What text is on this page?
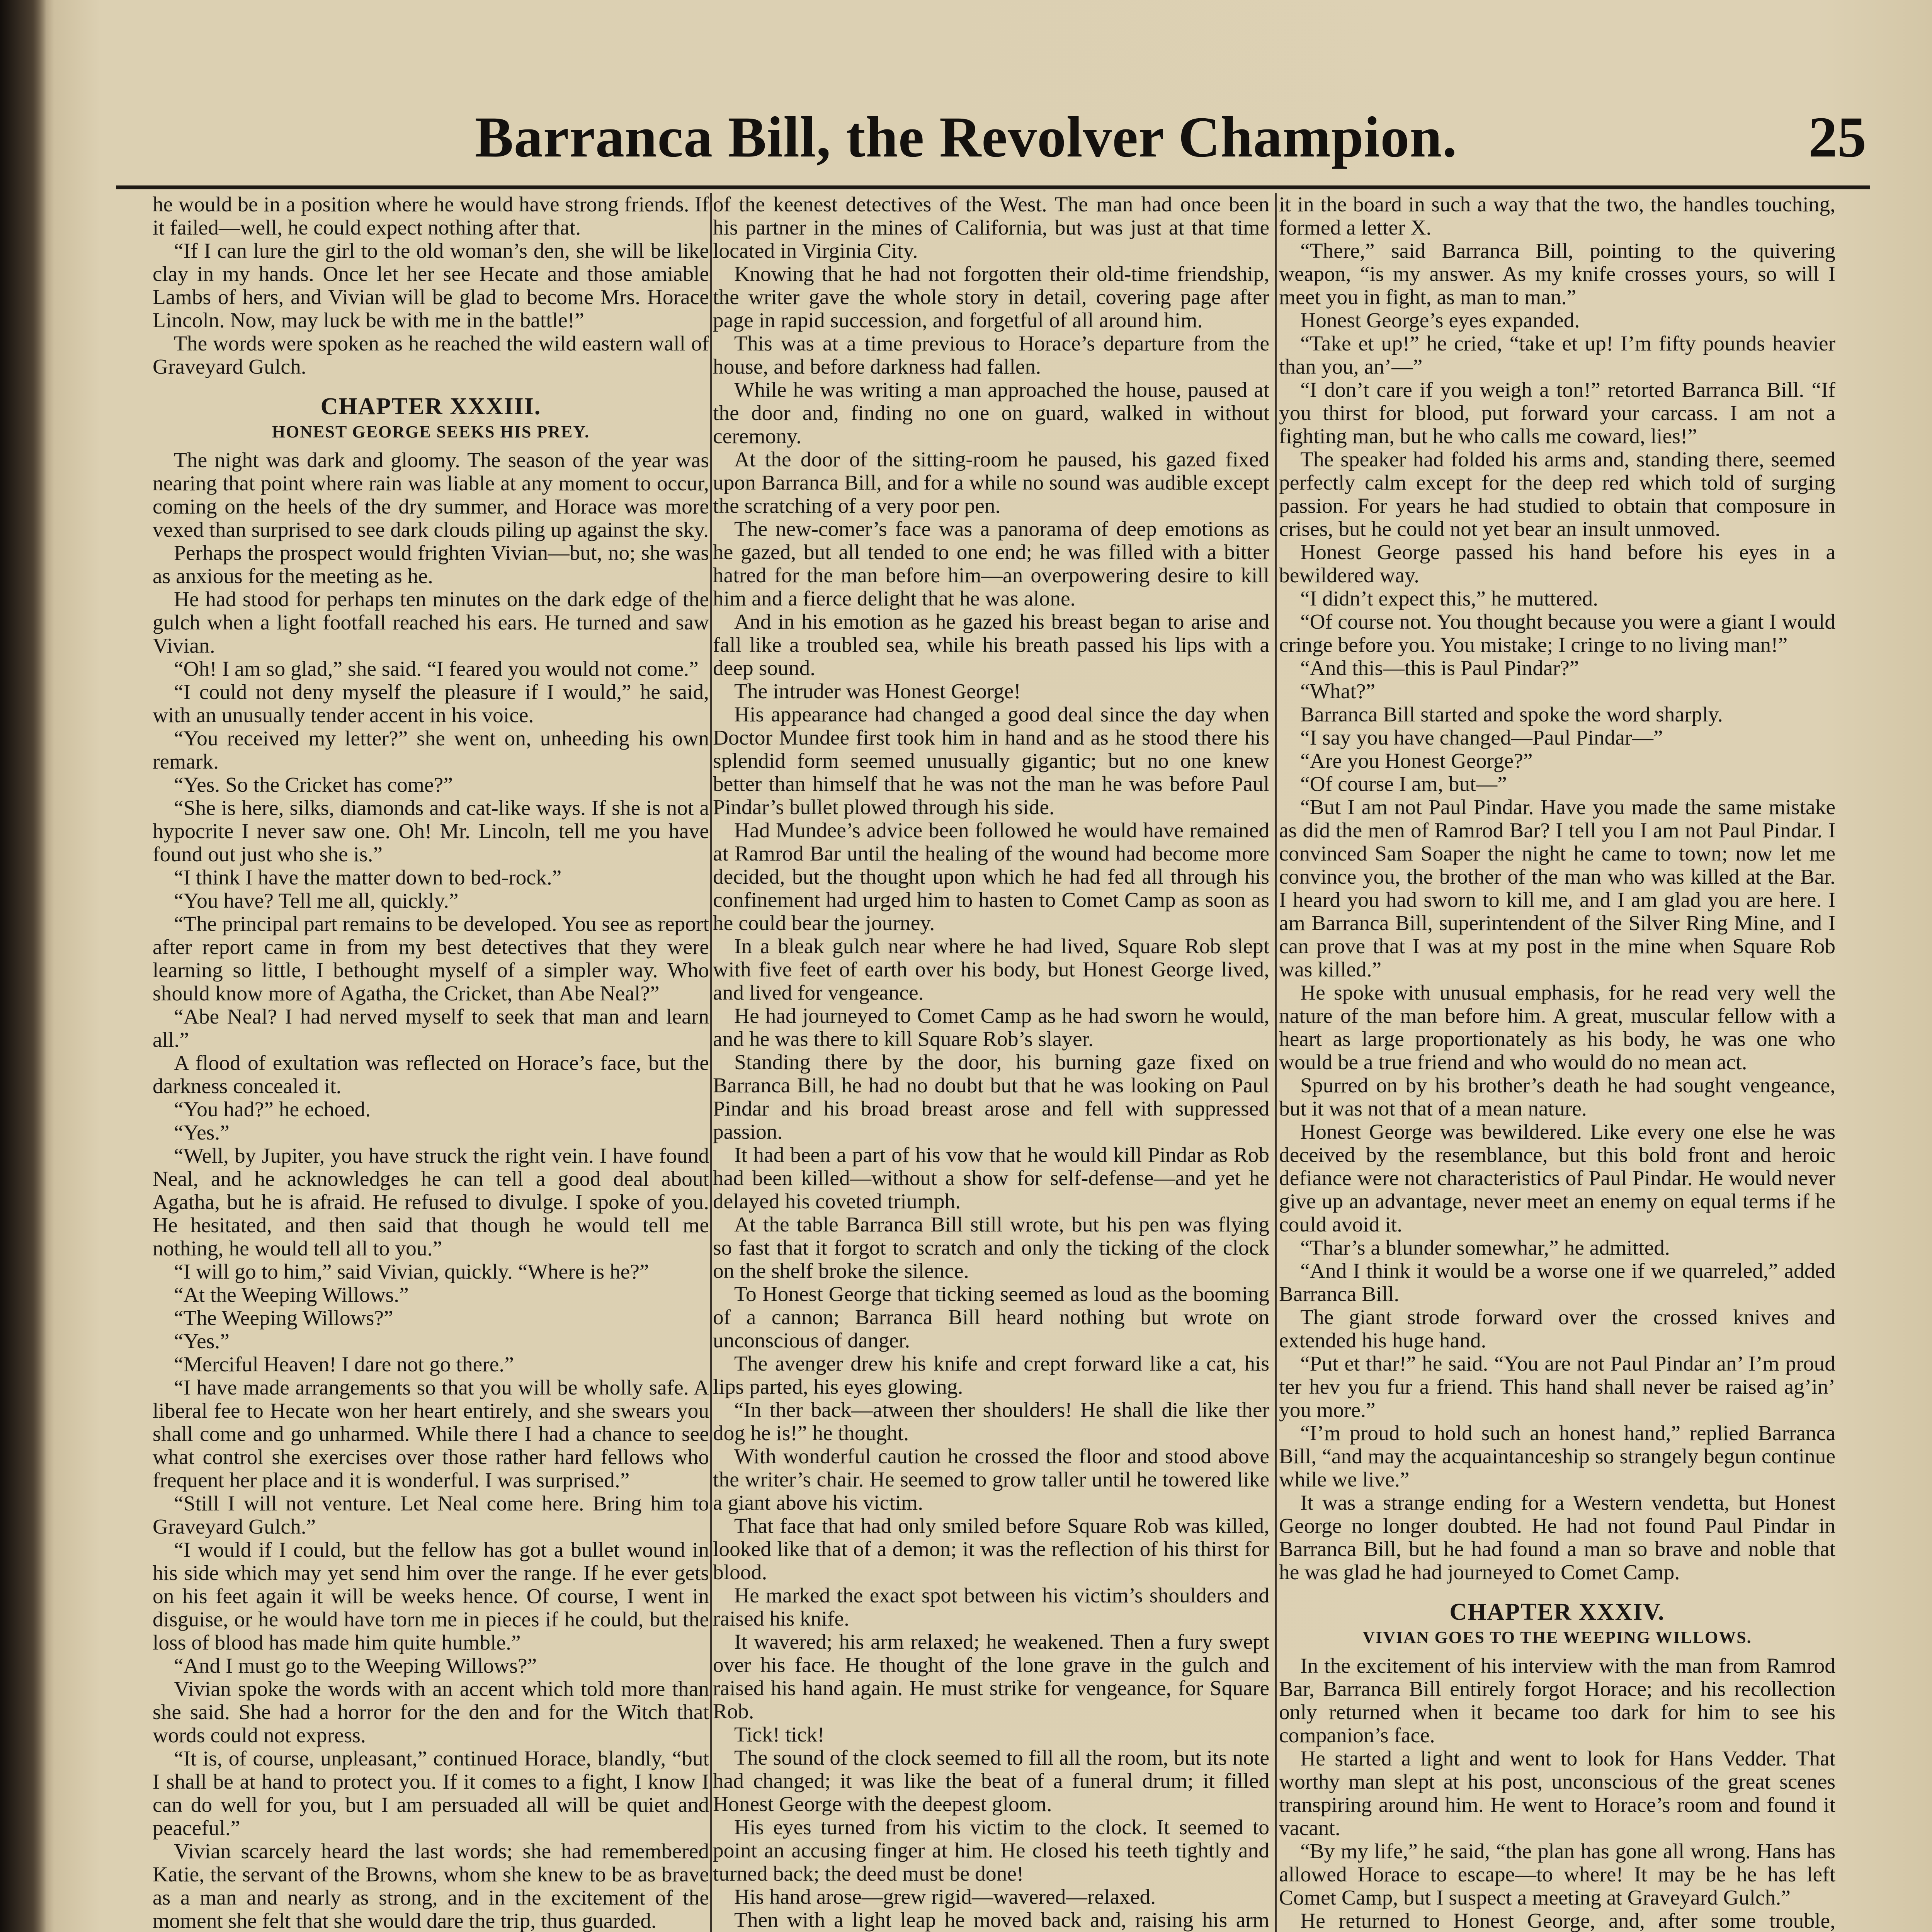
Barranca Bill, the Revolver Champion.	25

he would be in a position where he would have strong friends. If it failed—well, he could expect nothing after that.

“If I can lure the girl to the old woman’s den, she will be like clay in my hands. Once let her see Hecate and those amiable Lambs of hers, and Vivian will be glad to become Mrs. Horace Lincoln. Now, may luck be with me in the battle!”

The words were spoken as he reached the wild eastern wall of Graveyard Gulch.

CHAPTER XXXIII.
HONEST GEORGE SEEKS HIS PREY.

The night was dark and gloomy. The season of the year was nearing that point where rain was liable at any moment to occur, coming on the heels of the dry summer, and Horace was more vexed than surprised to see dark clouds piling up against the sky.

Perhaps the prospect would frighten Vivian—but, no; she was as anxious for the meeting as he.

He had stood for perhaps ten minutes on the dark edge of the gulch when a light footfall reached his ears. He turned and saw Vivian.

“Oh! I am so glad,” she said. “I feared you would not come.”

“I could not deny myself the pleasure if I would,” he said, with an unusually tender accent in his voice.

“You received my letter?” she went on, unheeding his own remark.

“Yes. So the Cricket has come?”

“She is here, silks, diamonds and cat-like ways. If she is not a hypocrite I never saw one. Oh! Mr. Lincoln, tell me you have found out just who she is.”

“I think I have the matter down to bed-rock.”

“You have? Tell me all, quickly.”

“The principal part remains to be developed. You see as report after report came in from my best detectives that they were learning so little, I bethought myself of a simpler way. Who should know more of Agatha, the Cricket, than Abe Neal?”

“Abe Neal? I had nerved myself to seek that man and learn all.”

A flood of exultation was reflected on Horace’s face, but the darkness concealed it.

“You had?” he echoed.

“Yes.”

“Well, by Jupiter, you have struck the right vein. I have found Neal, and he acknowledges he can tell a good deal about Agatha, but he is afraid. He refused to divulge. I spoke of you. He hesitated, and then said that though he would tell me nothing, he would tell all to you.”

“I will go to him,” said Vivian, quickly. “Where is he?”

“At the Weeping Willows.”

“The Weeping Willows?”

“Yes.”

“Merciful Heaven! I dare not go there.”

“I have made arrangements so that you will be wholly safe. A liberal fee to Hecate won her heart entirely, and she swears you shall come and go unharmed. While there I had a chance to see what control she exercises over those rather hard fellows who frequent her place and it is wonderful. I was surprised.”

“Still I will not venture. Let Neal come here. Bring him to Graveyard Gulch.”

“I would if I could, but the fellow has got a bullet wound in his side which may yet send him over the range. If he ever gets on his feet again it will be weeks hence. Of course, I went in disguise, or he would have torn me in pieces if he could, but the loss of blood has made him quite humble.”

“And I must go to the Weeping Willows?”

Vivian spoke the words with an accent which told more than she said. She had a horror for the den and for the Witch that words could not express.

“It is, of course, unpleasant,” continued Horace, blandly, “but I shall be at hand to protect you. If it comes to a fight, I know I can do well for you, but I am persuaded all will be quiet and peaceful.”

Vivian scarcely heard the last words; she had remembered Katie, the servant of the Browns, whom she knew to be as brave as a man and nearly as strong, and in the excitement of the moment she felt that she would dare the trip, thus guarded.

of the keenest detectives of the West. The man had once been his partner in the mines of California, but was just at that time located in Virginia City.

Knowing that he had not forgotten their old-time friendship, the writer gave the whole story in detail, covering page after page in rapid succession, and forgetful of all around him.

This was at a time previous to Horace’s departure from the house, and before darkness had fallen.

While he was writing a man approached the house, paused at the door and, finding no one on guard, walked in without ceremony.

At the door of the sitting-room he paused, his gazed fixed upon Barranca Bill, and for a while no sound was audible except the scratching of a very poor pen.

The new-comer’s face was a panorama of deep emotions as he gazed, but all tended to one end; he was filled with a bitter hatred for the man before him—an overpowering desire to kill him and a fierce delight that he was alone.

And in his emotion as he gazed his breast began to arise and fall like a troubled sea, while his breath passed his lips with a deep sound.

The intruder was Honest George!

His appearance had changed a good deal since the day when Doctor Mundee first took him in hand and as he stood there his splendid form seemed unusually gigantic; but no one knew better than himself that he was not the man he was before Paul Pindar’s bullet plowed through his side.

Had Mundee’s advice been followed he would have remained at Ramrod Bar until the healing of the wound had become more decided, but the thought upon which he had fed all through his confinement had urged him to hasten to Comet Camp as soon as he could bear the journey.

In a bleak gulch near where he had lived, Square Rob slept with five feet of earth over his body, but Honest George lived, and lived for vengeance.

He had journeyed to Comet Camp as he had sworn he would, and he was there to kill Square Rob’s slayer.

Standing there by the door, his burning gaze fixed on Barranca Bill, he had no doubt but that he was looking on Paul Pindar and his broad breast arose and fell with suppressed passion.

It had been a part of his vow that he would kill Pindar as Rob had been killed—without a show for self-defense—and yet he delayed his coveted triumph.

At the table Barranca Bill still wrote, but his pen was flying so fast that it forgot to scratch and only the ticking of the clock on the shelf broke the silence.

To Honest George that ticking seemed as loud as the booming of a cannon; Barranca Bill heard nothing but wrote on unconscious of danger.

The avenger drew his knife and crept forward like a cat, his lips parted, his eyes glowing.

“In ther back—atween ther shoulders! He shall die like ther dog he is!” he thought.

With wonderful caution he crossed the floor and stood above the writer’s chair. He seemed to grow taller until he towered like a giant above his victim.

That face that had only smiled before Square Rob was killed, looked like that of a demon; it was the reflection of his thirst for blood.

He marked the exact spot between his victim’s shoulders and raised his knife.

It wavered; his arm relaxed; he weakened. Then a fury swept over his face. He thought of the lone grave in the gulch and raised his hand again. He must strike for vengeance, for Square Rob.

Tick! tick!

The sound of the clock seemed to fill all the room, but its note had changed; it was like the beat of a funeral drum; it filled Honest George with the deepest gloom.

His eyes turned from his victim to the clock. It seemed to point an accusing finger at him. He closed his teeth tightly and turned back; the deed must be done!

His hand arose—grew rigid—wavered—relaxed.

Then with a light leap he moved back and, raising his arm

it in the board in such a way that the two, the handles touching, formed a letter X.

“There,” said Barranca Bill, pointing to the quivering weapon, “is my answer. As my knife crosses yours, so will I meet you in fight, as man to man.”

Honest George’s eyes expanded.

“Take et up!” he cried, “take et up! I’m fifty pounds heavier than you, an’—”

“I don’t care if you weigh a ton!” retorted Barranca Bill. “If you thirst for blood, put forward your carcass. I am not a fighting man, but he who calls me coward, lies!”

The speaker had folded his arms and, standing there, seemed perfectly calm except for the deep red which told of surging passion. For years he had studied to obtain that composure in crises, but he could not yet bear an insult unmoved.

Honest George passed his hand before his eyes in a bewildered way.

“I didn’t expect this,” he muttered.

“Of course not. You thought because you were a giant I would cringe before you. You mistake; I cringe to no living man!”

“And this—this is Paul Pindar?”

“What?”

Barranca Bill started and spoke the word sharply.

“I say you have changed—Paul Pindar—”

“Are you Honest George?”

“Of course I am, but—”

“But I am not Paul Pindar. Have you made the same mistake as did the men of Ramrod Bar? I tell you I am not Paul Pindar. I convinced Sam Soaper the night he came to town; now let me convince you, the brother of the man who was killed at the Bar. I heard you had sworn to kill me, and I am glad you are here. I am Barranca Bill, superintendent of the Silver Ring Mine, and I can prove that I was at my post in the mine when Square Rob was killed.”

He spoke with unusual emphasis, for he read very well the nature of the man before him. A great, muscular fellow with a heart as large proportionately as his body, he was one who would be a true friend and who would do no mean act.

Spurred on by his brother’s death he had sought vengeance, but it was not that of a mean nature.

Honest George was bewildered. Like every one else he was deceived by the resemblance, but this bold front and heroic defiance were not characteristics of Paul Pindar. He would never give up an advantage, never meet an enemy on equal terms if he could avoid it.

“Thar’s a blunder somewhar,” he admitted.

“And I think it would be a worse one if we quarreled,” added Barranca Bill.

The giant strode forward over the crossed knives and extended his huge hand.

“Put et thar!” he said. “You are not Paul Pindar an’ I’m proud ter hev you fur a friend. This hand shall never be raised ag’in’ you more.”

“I’m proud to hold such an honest hand,” replied Barranca Bill, “and may the acquaintanceship so strangely begun continue while we live.”

It was a strange ending for a Western vendetta, but Honest George no longer doubted. He had not found Paul Pindar in Barranca Bill, but he had found a man so brave and noble that he was glad he had journeyed to Comet Camp.

CHAPTER XXXIV.
VIVIAN GOES TO THE WEEPING WILLOWS.

In the excitement of his interview with the man from Ramrod Bar, Barranca Bill entirely forgot Horace; and his recollection only returned when it became too dark for him to see his companion’s face.

He started a light and went to look for Hans Vedder. That worthy man slept at his post, unconscious of the great scenes transpiring around him. He went to Horace’s room and found it vacant.

“By my life,” he said, “the plan has gone all wrong. Hans has allowed Horace to escape—to where! It may be he has left Comet Camp, but I suspect a meeting at Graveyard Gulch.”

He returned to Honest George, and, after some trouble,
